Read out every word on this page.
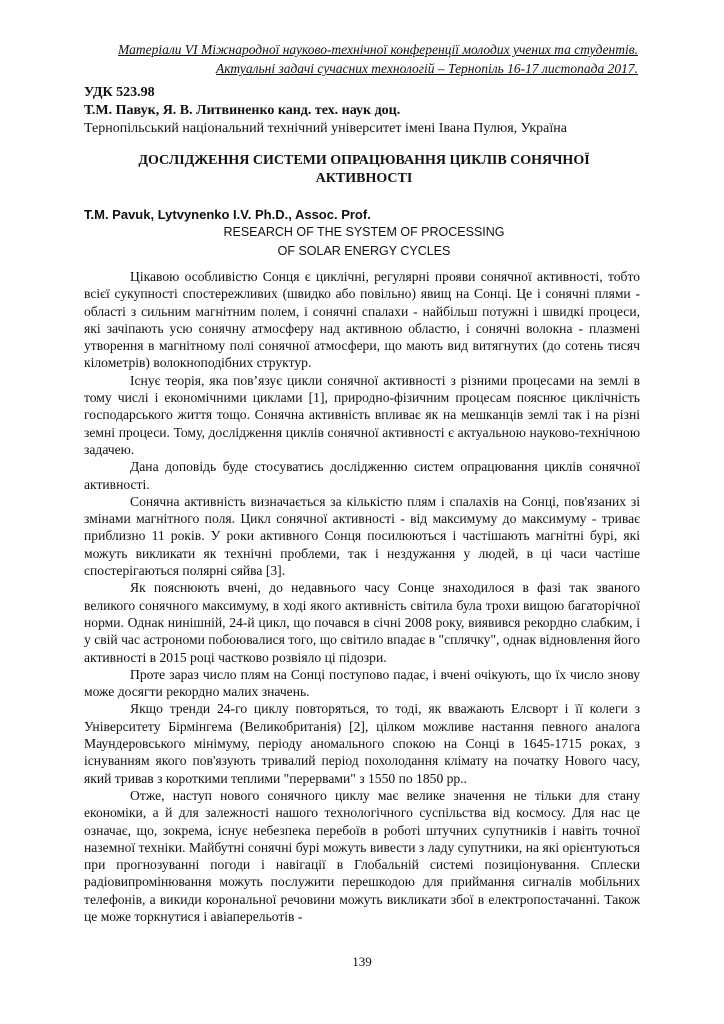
Матеріали VI Міжнародної науково-технічної конференції молодих учених та студентів.
Актуальні задачі сучасних технологій – Тернопіль 16-17 листопада 2017.
УДК 523.98
Т.М. Павук, Я. В. Литвиненко канд. тех. наук доц.
Тернопільський національний технічний університет імені Івана Пулюя, Україна
ДОСЛІДЖЕННЯ СИСТЕМИ ОПРАЦЮВАННЯ ЦИКЛІВ СОНЯЧНОЇ
АКТИВНОСТІ
T.M. Pavuk, Lytvynenko I.V. Ph.D., Assoc. Prof.
RESEARCH OF THE SYSTEM OF PROCESSING
OF SOLAR ENERGY CYCLES

Цікавою особливістю Сонця є циклічні, регулярні прояви сонячної активності, тобто всієї сукупності спостережливих (швидко або повільно) явищ на Сонці. Це і сонячні плями - області з сильним магнітним полем, і сонячні спалахи - найбільш потужні і швидкі процеси, які зачіпають усю сонячну атмосферу над активною областю, і сонячні волокна - плазмені утворення в магнітному полі сонячної атмосфери, що мають вид витягнутих (до сотень тисяч кілометрів) волокноподібних структур.

Існує теорія, яка пов’язує цикли сонячної активності з різними процесами на землі в тому числі і економічними циклами [1], природно-фізичним процесам пояснює циклічність господарського життя тощо. Сонячна активність впливає як на мешканців землі так і на різні земні процеси. Тому, дослідження циклів сонячної активності є актуальною науково-технічною задачею.

Дана доповідь буде стосуватись дослідженню систем опрацювання циклів сонячної активності.

Сонячна активність визначається за кількістю плям і спалахів на Сонці, пов'язаних зі змінами магнітного поля. Цикл сонячної активності - від максимуму до максимуму - триває приблизно 11 років. У роки активного Сонця посилюються і частішають магнітні бурі, які можуть викликати як технічні проблеми, так і нездужання у людей, в ці часи частіше спостерігаються полярні сяйва [3].

Як пояснюють вчені, до недавнього часу Сонце знаходилося в фазі так званого великого сонячного максимуму, в ході якого активність світила була трохи вищою багаторічної норми. Однак нинішній, 24-й цикл, що почався в січні 2008 року, виявився рекордно слабким, і у свій час астрономи побоювалися того, що світило впадає в "сплячку", однак відновлення його активності в 2015 році частково розвіяло ці підозри.

Проте зараз число плям на Сонці поступово падає, і вчені очікують, що їх число знову може досягти рекордно малих значень.

Якщо тренди 24-го циклу повторяться, то тоді, як вважають Елсворт і її колеги з Університету Бірмінгема (Великобританія) [2], цілком можливе настання певного аналога Маундеровського мінімуму, періоду аномального спокою на Сонці в 1645-1715 роках, з існуванням якого пов'язують тривалий період похолодання клімату на початку Нового часу, який тривав з короткими теплими "перервами" з 1550 по 1850 рр..

Отже, наступ нового сонячного циклу має велике значення не тільки для стану економіки, а й для залежності нашого технологічного суспільства від космосу. Для нас це означає, що, зокрема, існує небезпека перебоїв в роботі штучних супутників і навіть точної наземної техніки. Майбутні сонячні бурі можуть вивести з ладу супутники, на які орієнтуються при прогнозуванні погоди і навігації в Глобальній системі позиціонування. Сплески радіовипромінювання можуть послужити перешкодою для приймання сигналів мобільних телефонів, а викиди корональної речовини можуть викликати збої в електропостачанні. Також це може торкнутися і авіаперельотів -

139
